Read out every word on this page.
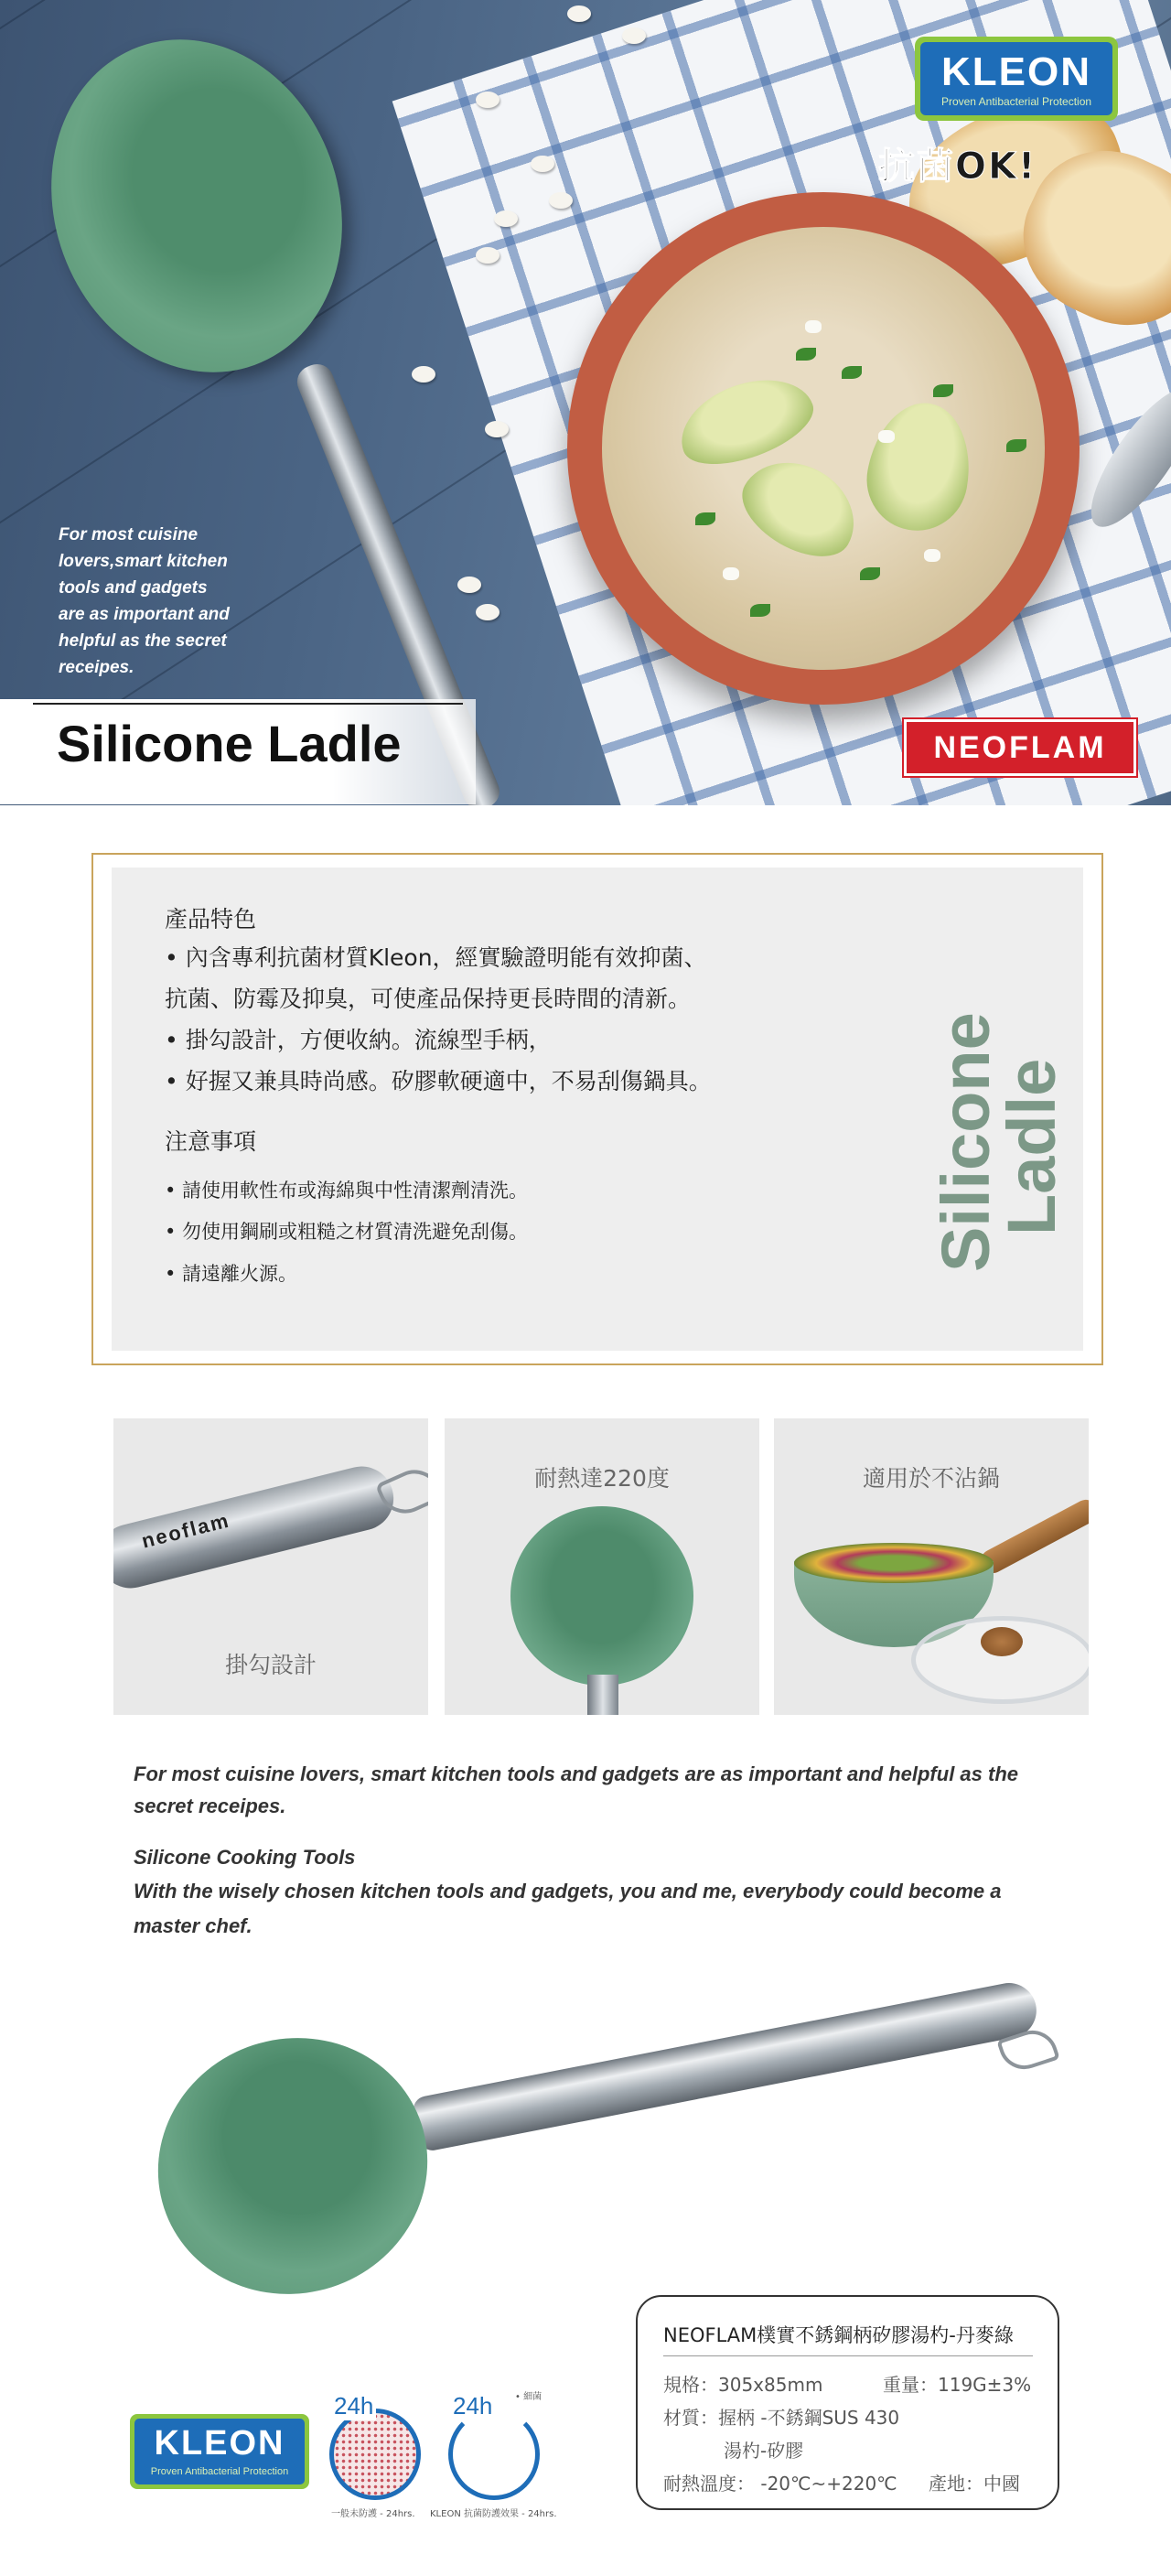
KLEON
Proven Antibacterial Protection
抗菌OK!
For most cuisine
lovers,smart kitchen
tools and gadgets
are as important and
helpful as the secret
receipes.
Silicone Ladle	NEOFLAM
產品特色
• 內含專利抗菌材質Kleon，經實驗證明能有效抑菌、
抗菌、防霉及抑臭，可使產品保持更長時間的清新。
• 掛勾設計，方便收納。流線型手柄，
• 好握又兼具時尚感。矽膠軟硬適中，不易刮傷鍋具。
注意事項
• 請使用軟性布或海綿與中性清潔劑清洗。
• 勿使用鋼刷或粗糙之材質清洗避免刮傷。
• 請遠離火源。
Silicone
Ladle
neoflam
掛勾設計
耐熱達220度	適用於不沾鍋
For most cuisine lovers, smart kitchen tools and gadgets are as important and helpful as the
secret receipes.
Silicone Cooking Tools
With the wisely chosen kitchen tools and gadgets, you and me, everybody could become a
master chef.
NEOFLAM樸實不銹鋼柄矽膠湯杓-丹麥綠
規格：305x85mm	重量：119G±3%
材質：握柄 -不銹鋼SUS 430
湯杓-矽膠
耐熱溫度： -20℃~+220℃ 產地：中國
KLEON
Proven Antibacterial Protection
24h	24h	• 細菌
一般未防護 - 24hrs. KLEON 抗菌防護效果 - 24hrs.
